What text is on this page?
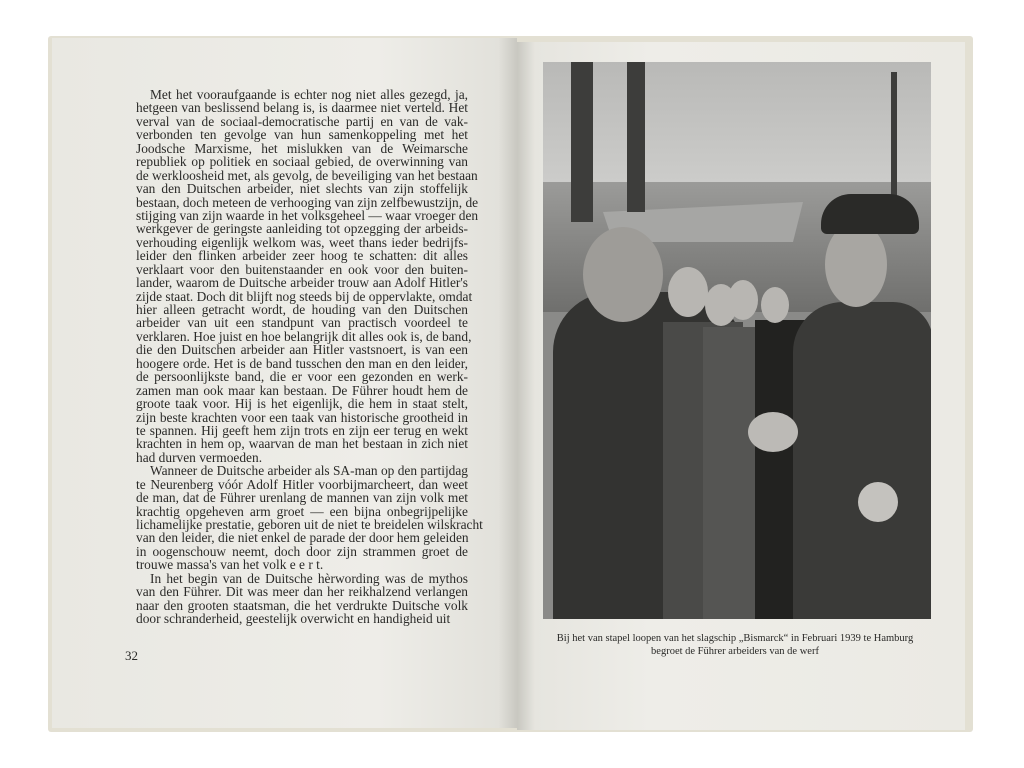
Met het vooraufgaande is echter nog niet alles gezegd, ja,
hetgeen van beslissend belang is, is daarmee niet verteld. Het
verval van de sociaal-democratische partij en van de vak-
verbonden ten gevolge van hun samenkoppeling met het
Joodsche Marxisme, het mislukken van de Weimarsche
republiek op politiek en sociaal gebied, de overwinning van
de werkloosheid met, als gevolg, de beveiliging van het bestaan
van den Duitschen arbeider, niet slechts van zijn stoffelijk
bestaan, doch meteen de verhooging van zijn zelfbewustzijn, de
stijging van zijn waarde in het volksgeheel — waar vroeger den
werkgever de geringste aanleiding tot opzegging der arbeids-
verhouding eigenlijk welkom was, weet thans ieder bedrijfs-
leider den flinken arbeider zeer hoog te schatten: dit alles
verklaart voor den buitenstaander en ook voor den buiten-
lander, waarom de Duitsche arbeider trouw aan Adolf Hitler's
zijde staat. Doch dit blijft nog steeds bij de oppervlakte, omdat
hier alleen getracht wordt, de houding van den Duitschen
arbeider van uit een standpunt van practisch voordeel te
verklaren. Hoe juist en hoe belangrijk dit alles ook is, de band,
die den Duitschen arbeider aan Hitler vastsnoert, is van een
hoogere orde. Het is de band tusschen den man en den leider,
de persoonlijkste band, die er voor een gezonden en werk-
zamen man ook maar kan bestaan. De Führer houdt hem de
groote taak voor. Hij is het eigenlijk, die hem in staat stelt,
zijn beste krachten voor een taak van historische grootheid in
te spannen. Hij geeft hem zijn trots en zijn eer terug en wekt
krachten in hem op, waarvan de man het bestaan in zich niet
had durven vermoeden.
Wanneer de Duitsche arbeider als SA-man op den partijdag
te Neurenberg vóór Adolf Hitler voorbijmarcheert, dan weet
de man, dat de Führer urenlang de mannen van zijn volk met
krachtig opgeheven arm groet — een bijna onbegrijpelijke
lichamelijke prestatie, geboren uit de niet te breidelen wilskracht
van den leider, die niet enkel de parade der door hem geleiden
in oogenschouw neemt, doch door zijn strammen groet de
trouwe massa's van het volk e e r t.
In het begin van de Duitsche hèrwording was de mythos
van den Führer. Dit was meer dan her reikhalzend verlangen
naar den grooten staatsman, die het verdrukte Duitsche volk
door schranderheid, geestelijk overwicht en handigheid uit
32
Bij het van stapel loopen van het slagschip „Bismarck“ in Februari 1939 te Hamburg
begroet de Führer arbeiders van de werf
